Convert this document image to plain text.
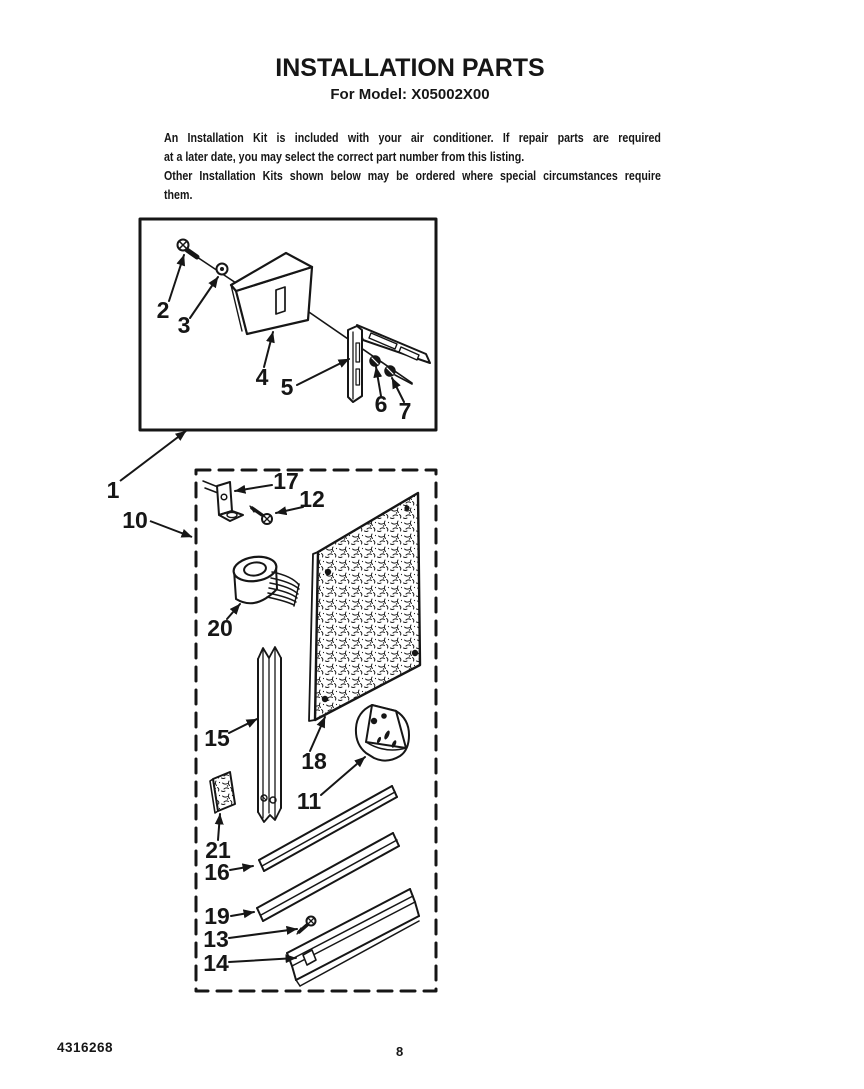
INSTALLATION PARTS
For Model: X05002X00
An Installation Kit is included with your air conditioner. If repair parts are required
at a later date, you may select the correct part number from this listing.
Other Installation Kits shown below may be ordered where special circumstances require
them.
2
3
4 5
6 7
1
10
17
12
20
15
18
11
21
16
19
13
14
4316268	8
